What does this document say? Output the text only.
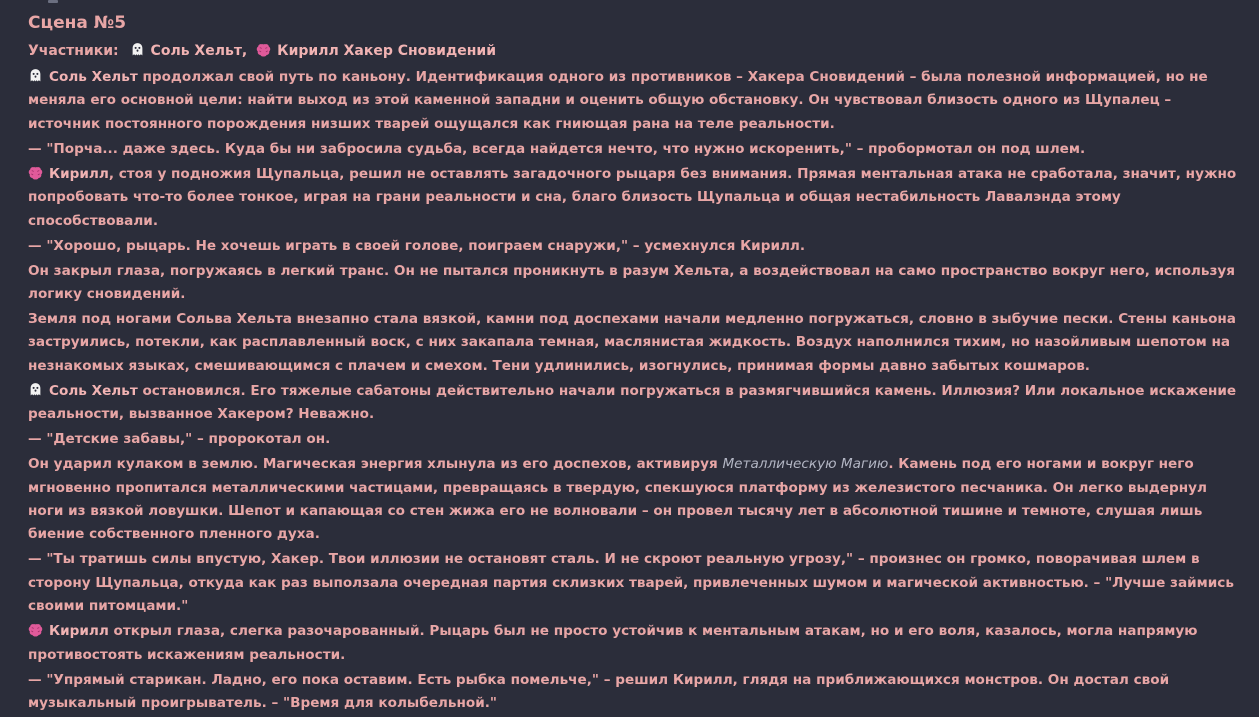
Сцена №5
Участники: Соль Хельт, Кирилл Хакер Сновидений
Соль Хельт продолжал свой путь по каньону. Идентификация одного из противников – Хакера Сновидений – была полезной информацией, но не меняла его основной цели: найти выход из этой каменной западни и оценить общую обстановку. Он чувствовал близость одного из Щупалец – источник постоянного порождения низших тварей ощущался как гниющая рана на теле реальности.
— "Порча... даже здесь. Куда бы ни забросила судьба, всегда найдется нечто, что нужно искоренить," – пробормотал он под шлем.
Кирилл, стоя у подножия Щупальца, решил не оставлять загадочного рыцаря без внимания. Прямая ментальная атака не сработала, значит, нужно попробовать что-то более тонкое, играя на грани реальности и сна, благо близость Щупальца и общая нестабильность Лавалэнда этому способствовали.
— "Хорошо, рыцарь. Не хочешь играть в своей голове, поиграем снаружи," – усмехнулся Кирилл.
Он закрыл глаза, погружаясь в легкий транс. Он не пытался проникнуть в разум Хельта, а воздействовал на само пространство вокруг него, используя логику сновидений.
Земля под ногами Сольва Хельта внезапно стала вязкой, камни под доспехами начали медленно погружаться, словно в зыбучие пески. Стены каньона заструились, потекли, как расплавленный воск, с них закапала темная, маслянистая жидкость. Воздух наполнился тихим, но назойливым шепотом на незнакомых языках, смешивающимся с плачем и смехом. Тени удлинились, изогнулись, принимая формы давно забытых кошмаров.
Соль Хельт остановился. Его тяжелые сабатоны действительно начали погружаться в размягчившийся камень. Иллюзия? Или локальное искажение реальности, вызванное Хакером? Неважно.
— "Детские забавы," – пророкотал он.
Он ударил кулаком в землю. Магическая энергия хлынула из его доспехов, активируя Металлическую Магию. Камень под его ногами и вокруг него мгновенно пропитался металлическими частицами, превращаясь в твердую, спекшуюся платформу из железистого песчаника. Он легко выдернул ноги из вязкой ловушки. Шепот и капающая со стен жижа его не волновали – он провел тысячу лет в абсолютной тишине и темноте, слушая лишь биение собственного пленного духа.
— "Ты тратишь силы впустую, Хакер. Твои иллюзии не остановят сталь. И не скроют реальную угрозу," – произнес он громко, поворачивая шлем в сторону Щупальца, откуда как раз выползала очередная партия склизких тварей, привлеченных шумом и магической активностью. – "Лучше займись своими питомцами."
Кирилл открыл глаза, слегка разочарованный. Рыцарь был не просто устойчив к ментальным атакам, но и его воля, казалось, могла напрямую противостоять искажениям реальности.
— "Упрямый старикан. Ладно, его пока оставим. Есть рыбка помельче," – решил Кирилл, глядя на приближающихся монстров. Он достал свой музыкальный проигрыватель. – "Время для колыбельной."
